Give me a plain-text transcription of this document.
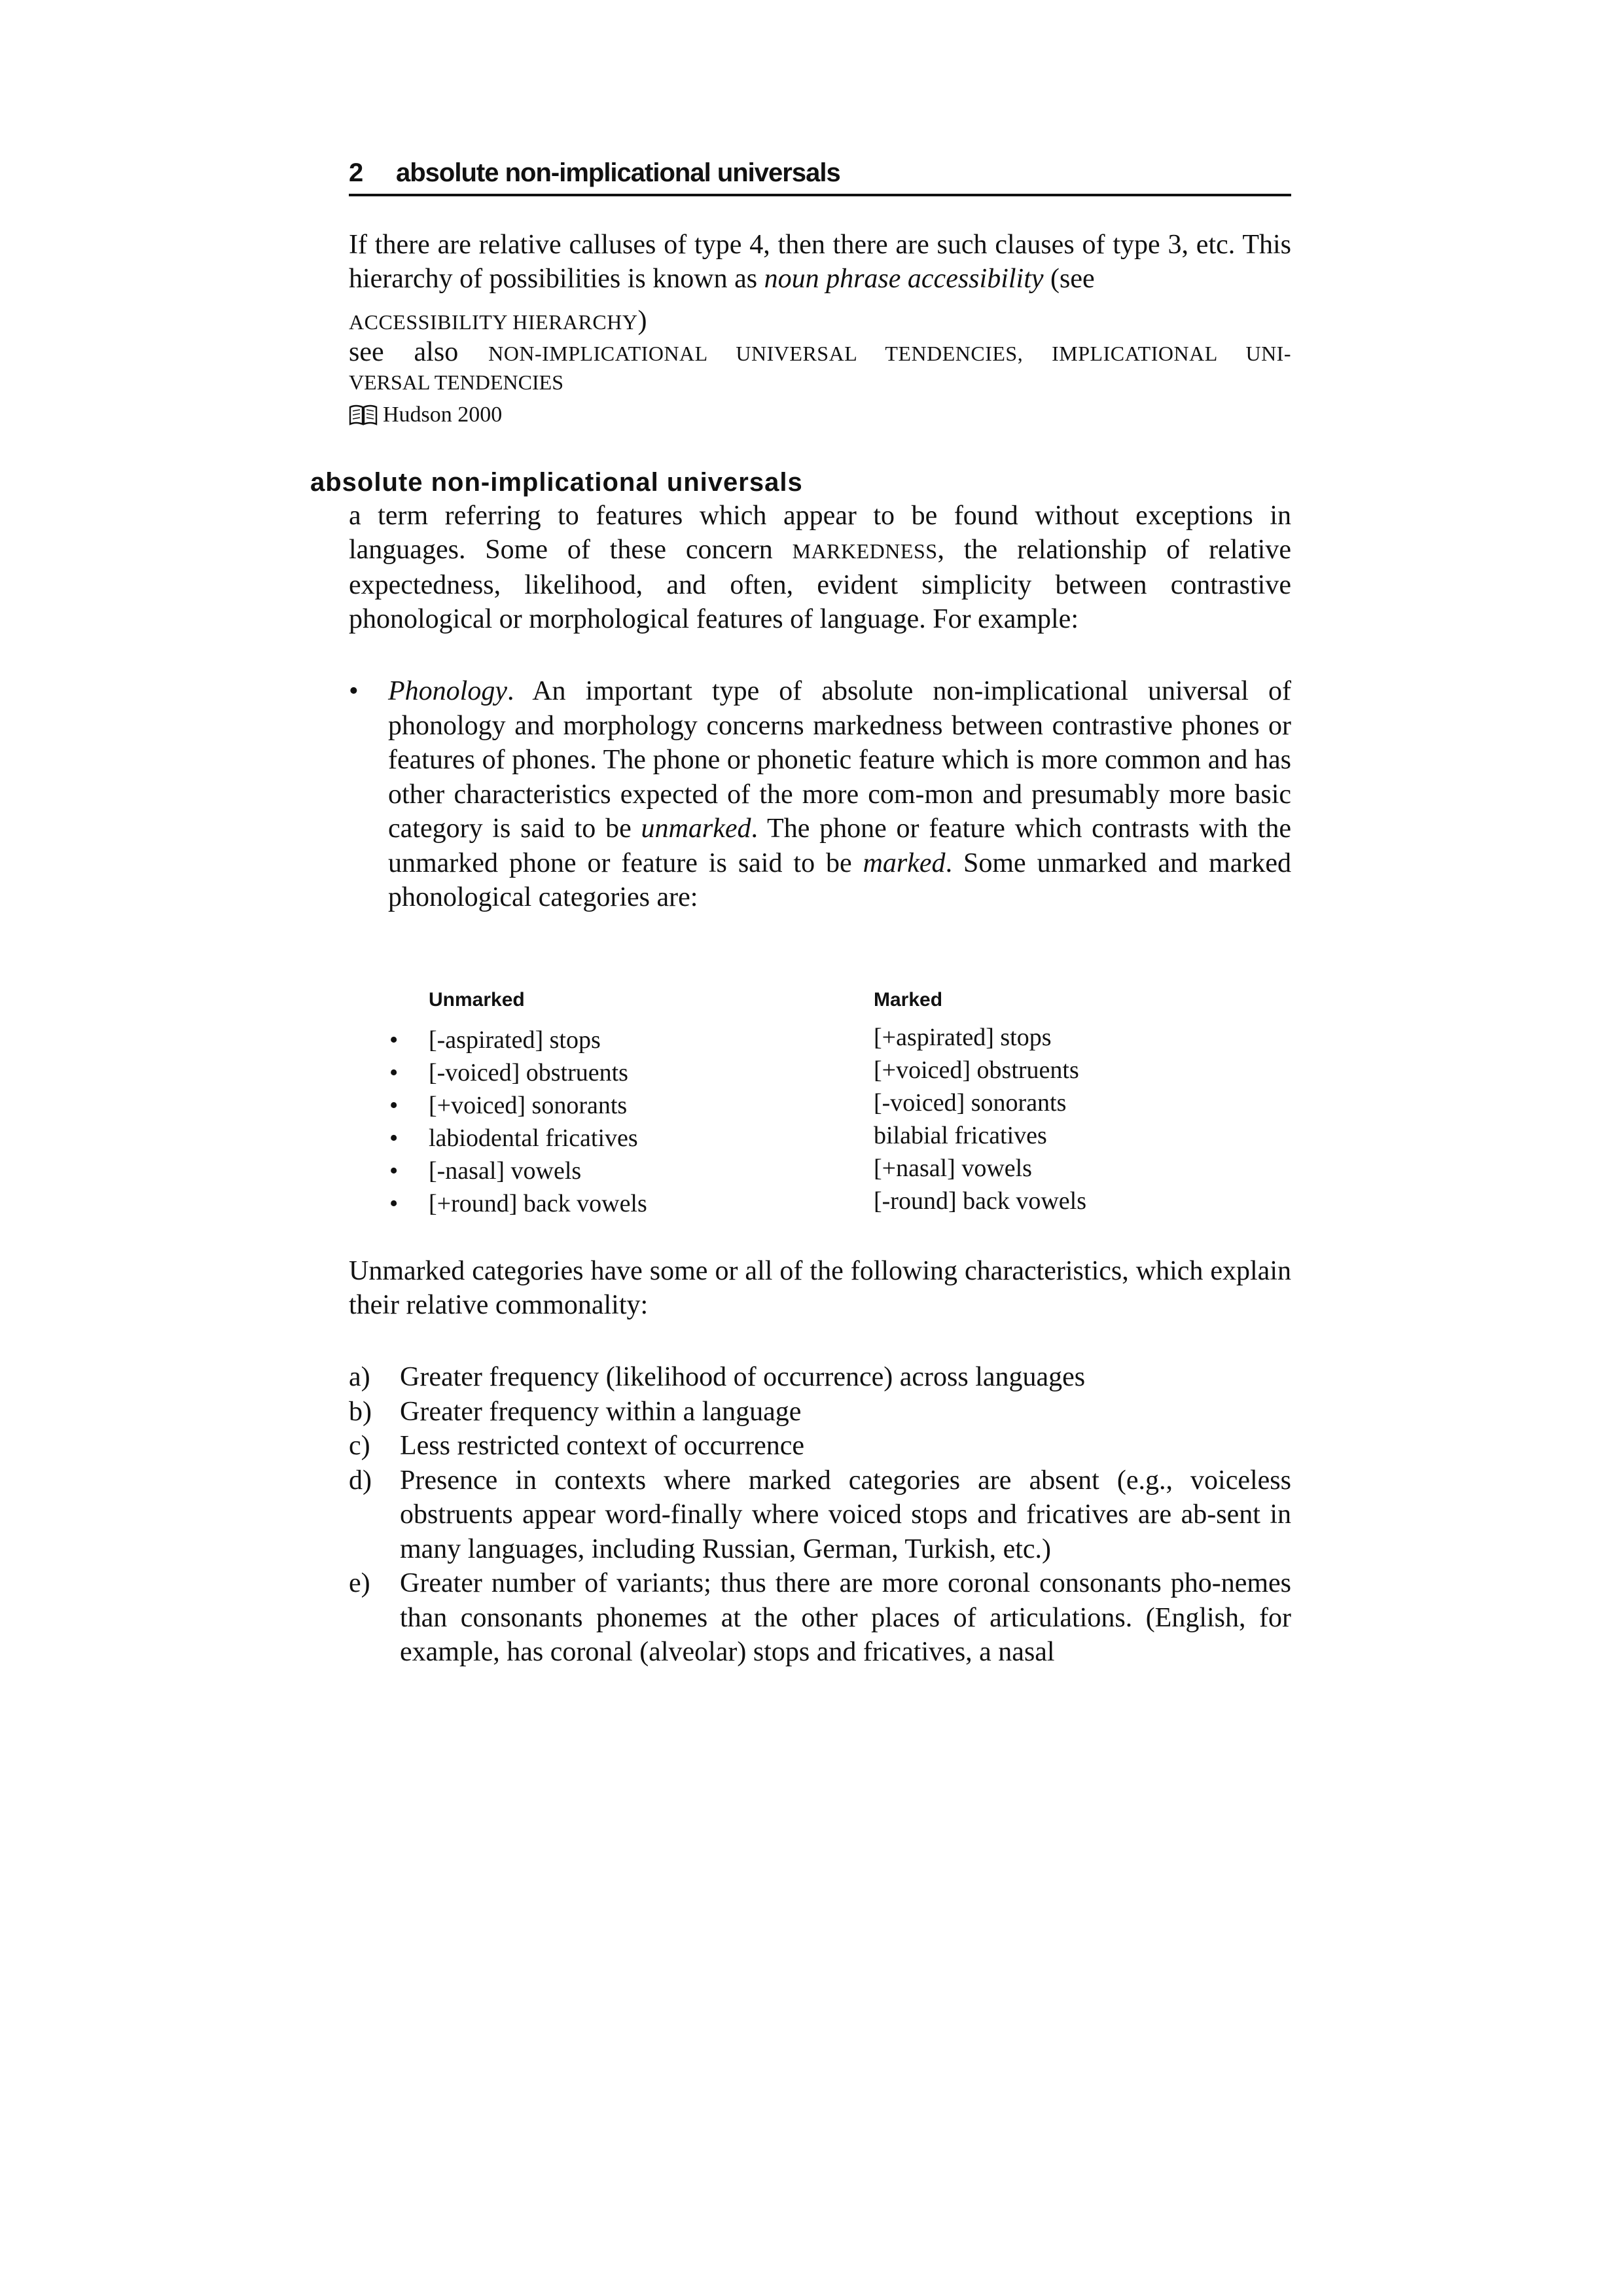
2 absolute non-implicational universals
If there are relative calluses of type 4, then there are such clauses of type 3, etc. This hierarchy of possibilities is known as noun phrase accessibility (see
ACCESSIBILITY HIERARCHY)
see also NON-IMPLICATIONAL UNIVERSAL TENDENCIES, IMPLICATIONAL UNI-
VERSAL TENDENCIES
Hudson 2000
absolute non-implicational universals
a term referring to features which appear to be found without exceptions in languages. Some of these concern MARKEDNESS, the relationship of relative expectedness, likelihood, and often, evident simplicity between contrastive phonological or morphological features of language. For example:
•	Phonology. An important type of absolute non-implicational universal of phonology and morphology concerns markedness between contrastive phones or features of phones. The phone or phonetic feature which is more common and has other characteristics expected of the more com-mon and presumably more basic category is said to be unmarked. The phone or feature which contrasts with the unmarked phone or feature is said to be marked. Some unmarked and marked phonological categories are:
Unmarked	Marked
• [-aspirated] stops	[+aspirated] stops
• [-voiced] obstruents	[+voiced] obstruents
• [+voiced] sonorants	[-voiced] sonorants
• labiodental fricatives	bilabial fricatives
• [-nasal] vowels	[+nasal] vowels
• [+round] back vowels	[-round] back vowels
Unmarked categories have some or all of the following characteristics, which explain their relative commonality:
a) Greater frequency (likelihood of occurrence) across languages
b) Greater frequency within a language
c) Less restricted context of occurrence
d) Presence in contexts where marked categories are absent (e.g., voiceless obstruents appear word-finally where voiced stops and fricatives are ab-sent in many languages, including Russian, German, Turkish, etc.)
e) Greater number of variants; thus there are more coronal consonants pho-nemes than consonants phonemes at the other places of articulations. (English, for example, has coronal (alveolar) stops and fricatives, a nasal
